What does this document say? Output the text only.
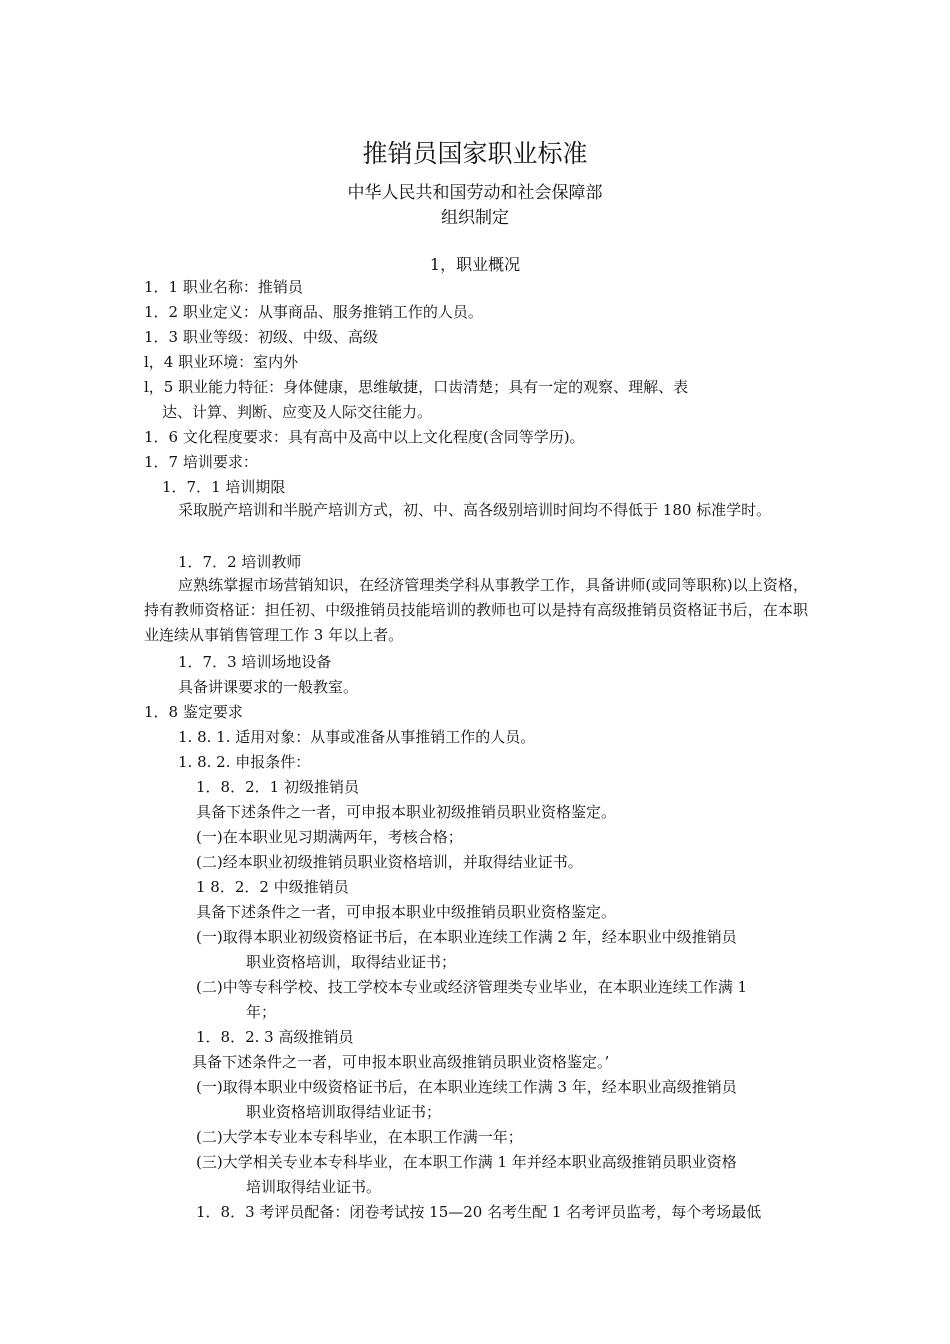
推销员国家职业标准
中华人民共和国劳动和社会保障部
组织制定
1，职业概况
1．1 职业名称：推销员
1．2 职业定义：从事商品、服务推销工作的人员。
1．3 职业等级：初级、中级、高级
l，4 职业环境：室内外
l，5 职业能力特征：身体健康，思维敏捷，口齿清楚；具有一定的观察、理解、表
达、计算、判断、应变及人际交往能力。
1．6 文化程度要求：具有高中及高中以上文化程度(含同等学历)。
1．7 培训要求：
1．7．1 培训期限
采取脱产培训和半脱产培训方式，初、中、高各级别培训时间均不得低于 180 标准学时。
1．7．2 培训教师
应熟练掌握市场营销知识，在经济管理类学科从事教学工作，具备讲师(或同等职称)以上资格，持有教师资格证：担任初、中级推销员技能培训的教师也可以是持有高级推销员资格证书后，在本职业连续从事销售管理工作 3 年以上者。
1．7．3 培训场地设备
具备讲课要求的一般教室。
1．8 鉴定要求
1. 8. 1. 适用对象：从事或准备从事推销工作的人员。
1. 8. 2. 申报条件：
1．8．2．1 初级推销员
具备下述条件之一者，可申报本职业初级推销员职业资格鉴定。
(一)在本职业见习期满两年，考核合格；
(二)经本职业初级推销员职业资格培训，并取得结业证书。
1 8．2．2 中级推销员
具备下述条件之一者，可申报本职业中级推销员职业资格鉴定。
(一)取得本职业初级资格证书后，在本职业连续工作满 2 年，经本职业中级推销员
职业资格培训，取得结业证书；
(二)中等专科学校、技工学校本专业或经济管理类专业毕业，在本职业连续工作满 1
年；
1．8．2. 3 高级推销员
具备下述条件之一者，可申报本职业高级推销员职业资格鉴定。’
(一)取得本职业中级资格证书后，在本职业连续工作满 3 年，经本职业高级推销员
职业资格培训取得结业证书；
(二)大学本专业本专科毕业，在本职工作满一年；
(三)大学相关专业本专科毕业，在本职工作满 1 年并经本职业高级推销员职业资格
培训取得结业证书。
1．8．3 考评员配备：闭卷考试按 15—20 名考生配 1 名考评员监考，每个考场最低
